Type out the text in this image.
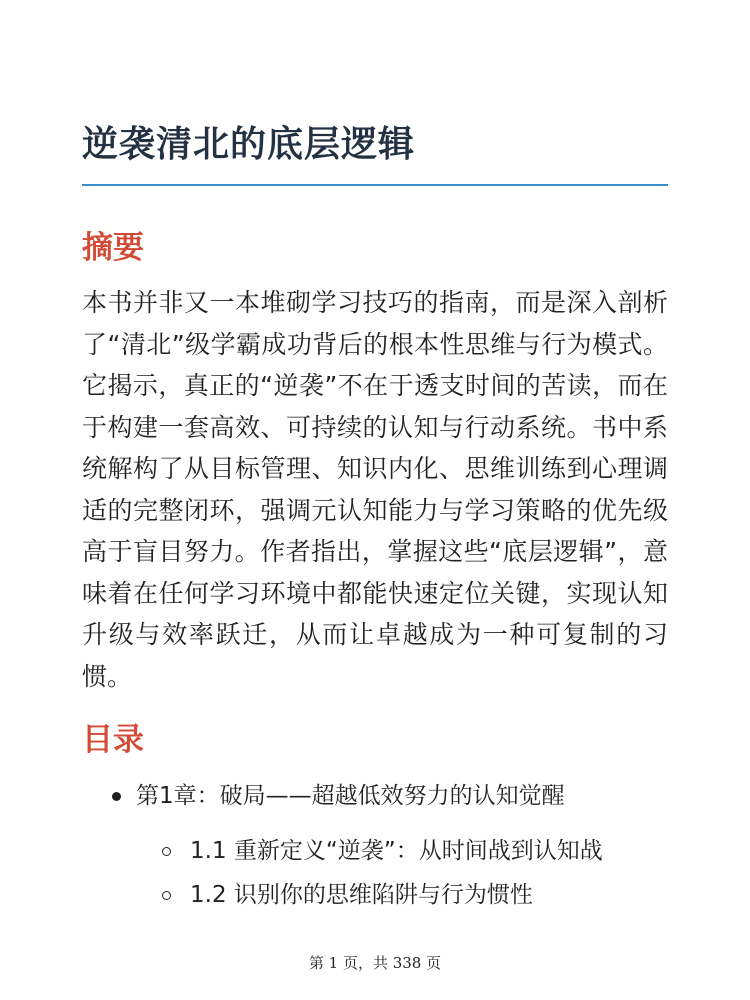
逆袭清北的底层逻辑
摘要

本书并非又一本堆砌学习技巧的指南，而是深入剖析了“清北”级学霸成功背后的根本性思维与行为模式。它揭示，真正的“逆袭”不在于透支时间的苦读，而在于构建一套高效、可持续的认知与行动系统。书中系统解构了从目标管理、知识内化、思维训练到心理调适的完整闭环，强调元认知能力与学习策略的优先级高于盲目努力。作者指出，掌握这些“底层逻辑”，意味着在任何学习环境中都能快速定位关键，实现认知升级与效率跃迁，从而让卓越成为一种可复制的习惯。

目录
第1章：破局——超越低效努力的认知觉醒
1.1 重新定义“逆袭”：从时间战到认知战
1.2 识别你的思维陷阱与行为惯性
第 1 页，共 338 页
